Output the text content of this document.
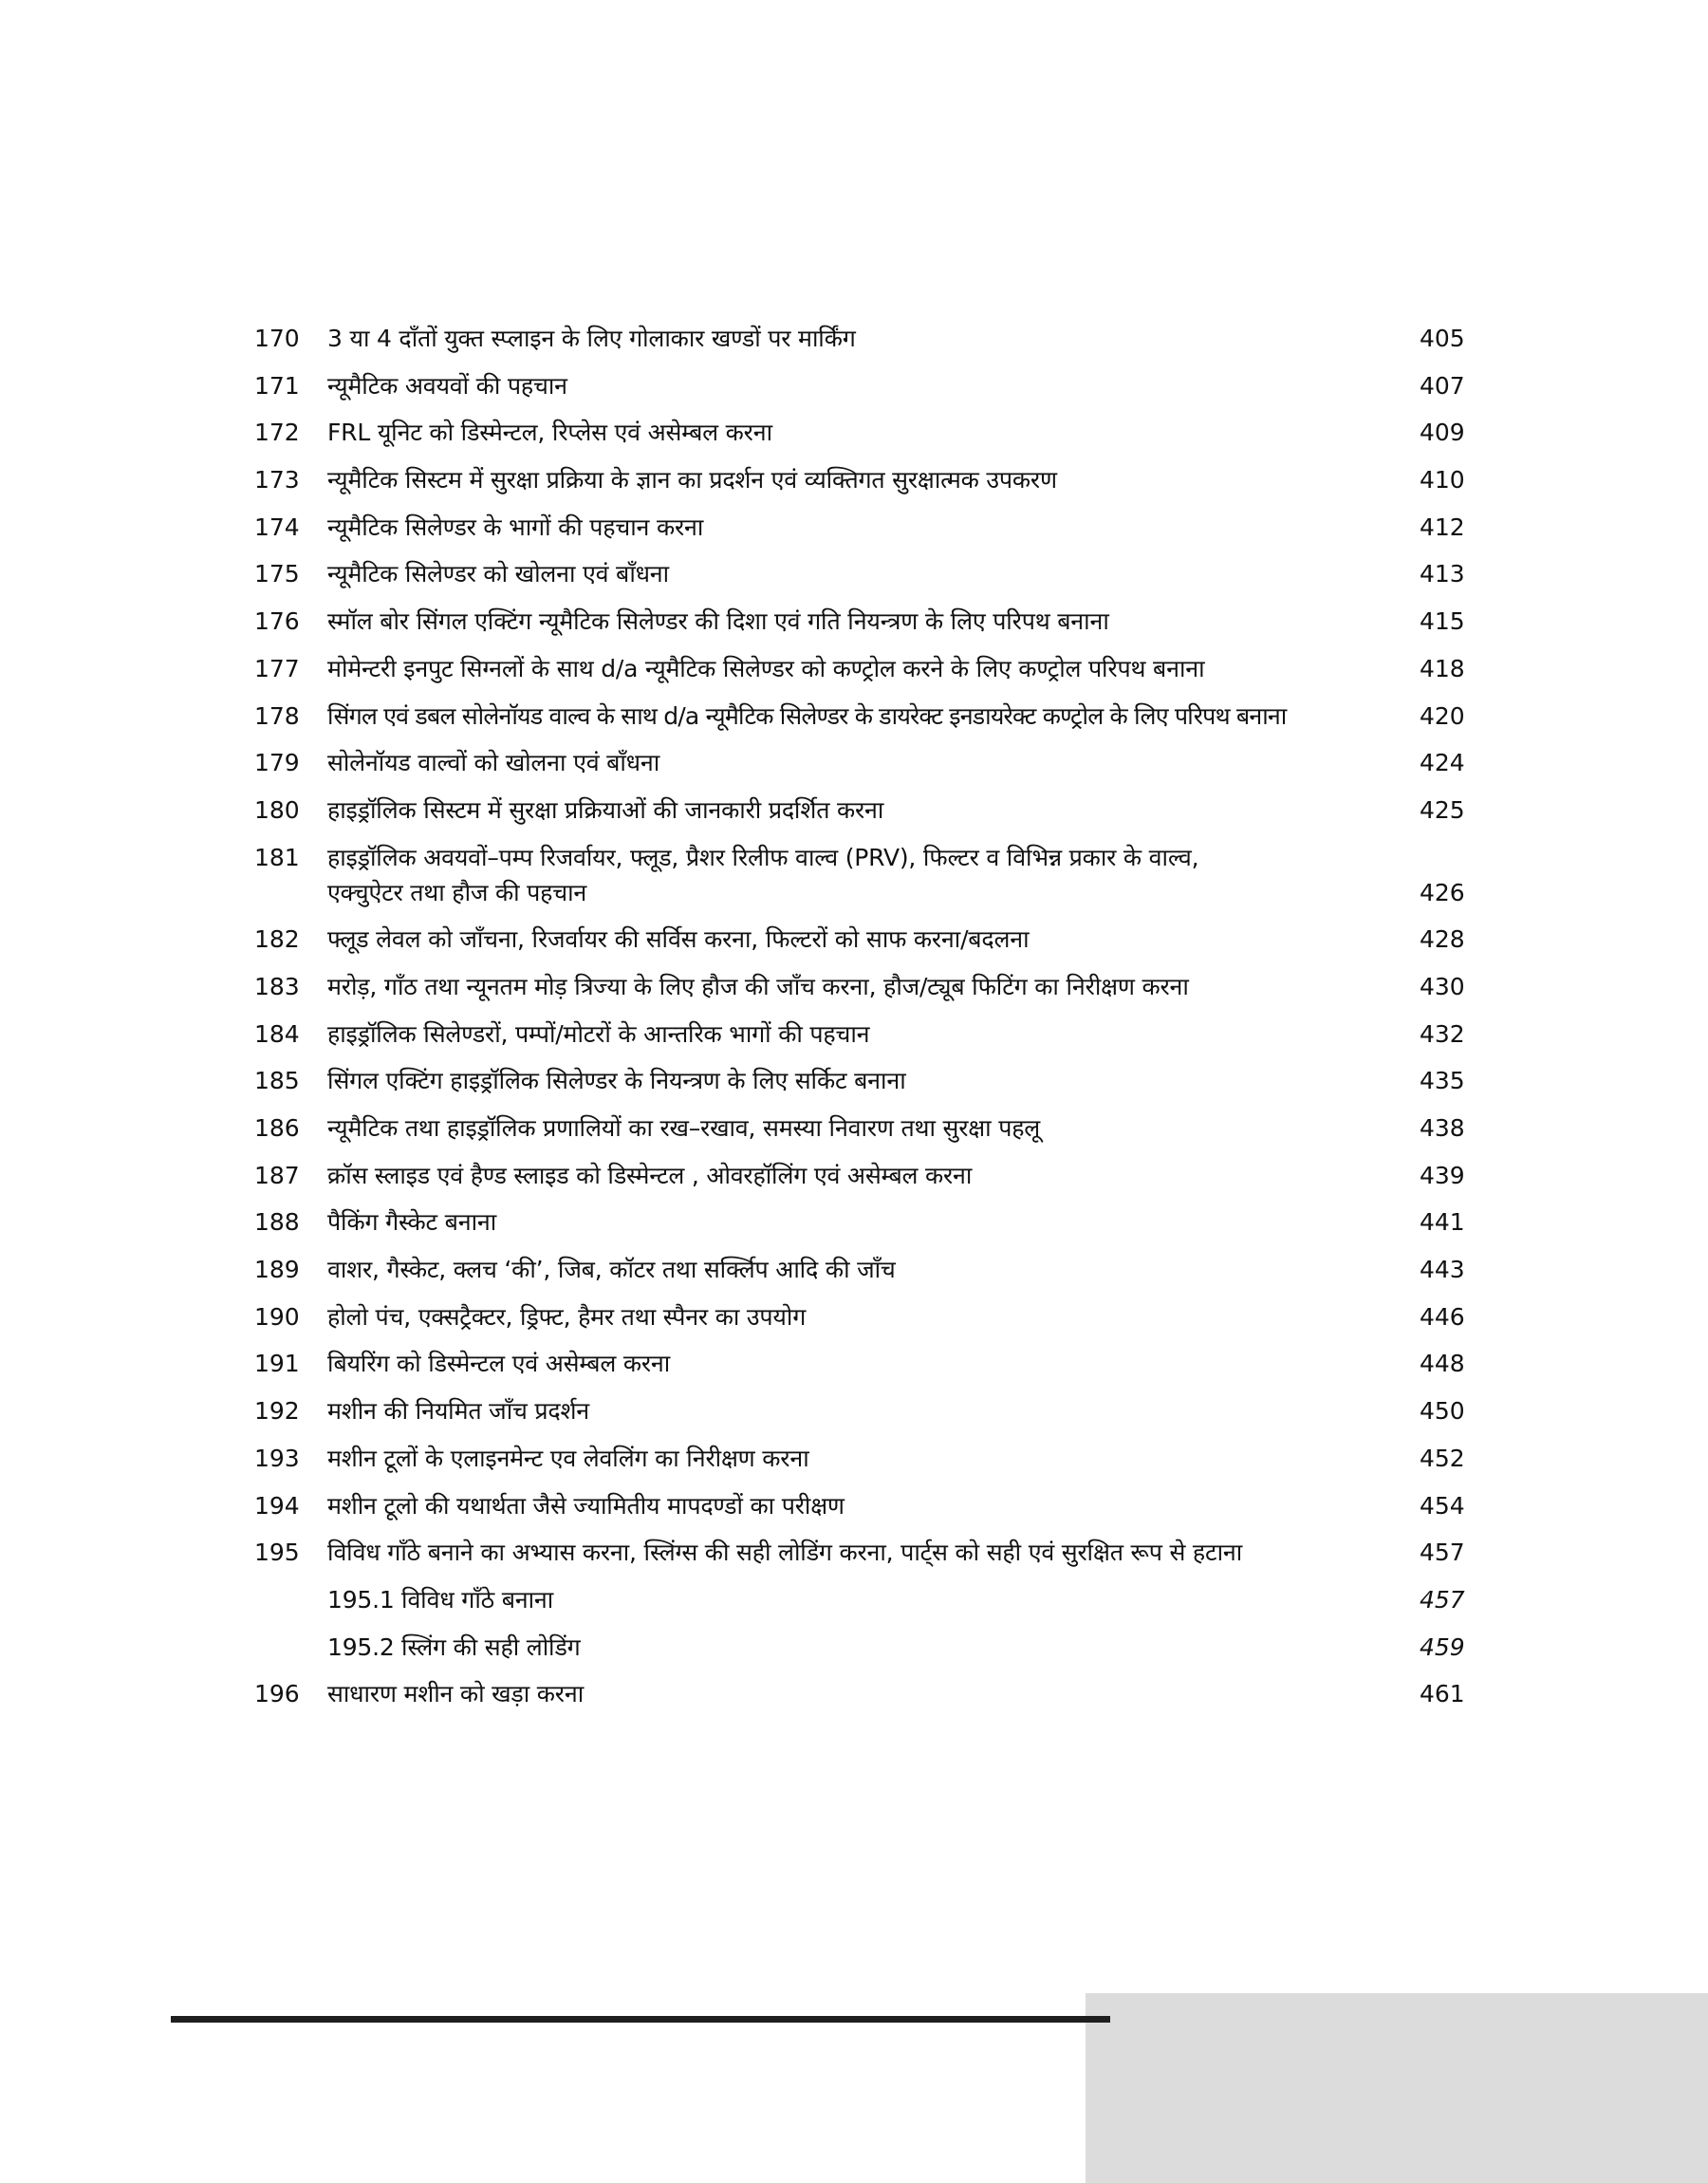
170	3 या 4 दाँतों युक्त स्प्लाइन के लिए गोलाकार खण्डों पर मार्किंग	405
171	न्यूमैटिक अवयवों की पहचान	407
172	FRL यूनिट को डिस्मेन्टल, रिप्लेस एवं असेम्बल करना	409
173	न्यूमैटिक सिस्टम में सुरक्षा प्रक्रिया के ज्ञान का प्रदर्शन एवं व्यक्तिगत सुरक्षात्मक उपकरण	410
174	न्यूमैटिक सिलेण्डर के भागों की पहचान करना	412
175	न्यूमैटिक सिलेण्डर को खोलना एवं बाँधना	413
176	स्मॉल बोर सिंगल एक्टिंग न्यूमैटिक सिलेण्डर की दिशा एवं गति नियन्त्रण के लिए परिपथ बनाना	415
177	मोमेन्टरी इनपुट सिग्नलों के साथ d/a न्यूमैटिक सिलेण्डर को कण्ट्रोल करने के लिए कण्ट्रोल परिपथ बनाना	418
178	सिंगल एवं डबल सोलेनॉयड वाल्व के साथ d/a न्यूमैटिक सिलेण्डर के डायरेक्ट इनडायरेक्ट कण्ट्रोल के लिए परिपथ बनाना	420
179	सोलेनॉयड वाल्वों को खोलना एवं बाँधना	424
180	हाइड्रॉलिक सिस्टम में सुरक्षा प्रक्रियाओं की जानकारी प्रदर्शित करना	425
181	हाइड्रॉलिक अवयवों–पम्प रिजर्वायर, फ्लूड, प्रैशर रिलीफ वाल्व (PRV), फिल्टर व विभिन्न प्रकार के वाल्व, एक्चुऐटर तथा हौज की पहचान	426
182	फ्लूड लेवल को जाँचना, रिजर्वायर की सर्विस करना, फिल्टरों को साफ करना/बदलना	428
183	मरोड़, गाँठ तथा न्यूनतम मोड़ त्रिज्या के लिए हौज की जाँच करना, हौज/ट्यूब फिटिंग का निरीक्षण करना	430
184	हाइड्रॉलिक सिलेण्डरों, पम्पों/मोटरों के आन्तरिक भागों की पहचान	432
185	सिंगल एक्टिंग हाइड्रॉलिक सिलेण्डर के नियन्त्रण के लिए सर्किट बनाना	435
186	न्यूमैटिक तथा हाइड्रॉलिक प्रणालियों का रख–रखाव, समस्या निवारण तथा सुरक्षा पहलू	438
187	क्रॉस स्लाइड एवं हैण्ड स्लाइड को डिस्मेन्टल , ओवरहॉलिंग एवं असेम्बल करना	439
188	पैकिंग गैस्केट बनाना	441
189	वाशर, गैस्केट, क्लच ‘की’, जिब, कॉटर तथा सर्क्लिप आदि की जाँच	443
190	होलो पंच, एक्सट्रैक्टर, ड्रिफ्ट, हैमर तथा स्पैनर का उपयोग	446
191	बियरिंग को डिस्मेन्टल एवं असेम्बल करना	448
192	मशीन की नियमित जाँच प्रदर्शन	450
193	मशीन टूलों के एलाइनमेन्ट एव लेवलिंग का निरीक्षण करना	452
194	मशीन टूलो की यथार्थता जैसे ज्यामितीय मापदण्डों का परीक्षण	454
195	विविध गाँठे बनाने का अभ्यास करना, स्लिंग्स की सही लोडिंग करना, पार्ट्स को सही एवं सुरक्षित रूप से हटाना	457
195.1 विविध गाँठे बनाना	457
195.2 स्लिंग की सही लोडिंग	459
196	साधारण मशीन को खड़ा करना	461
